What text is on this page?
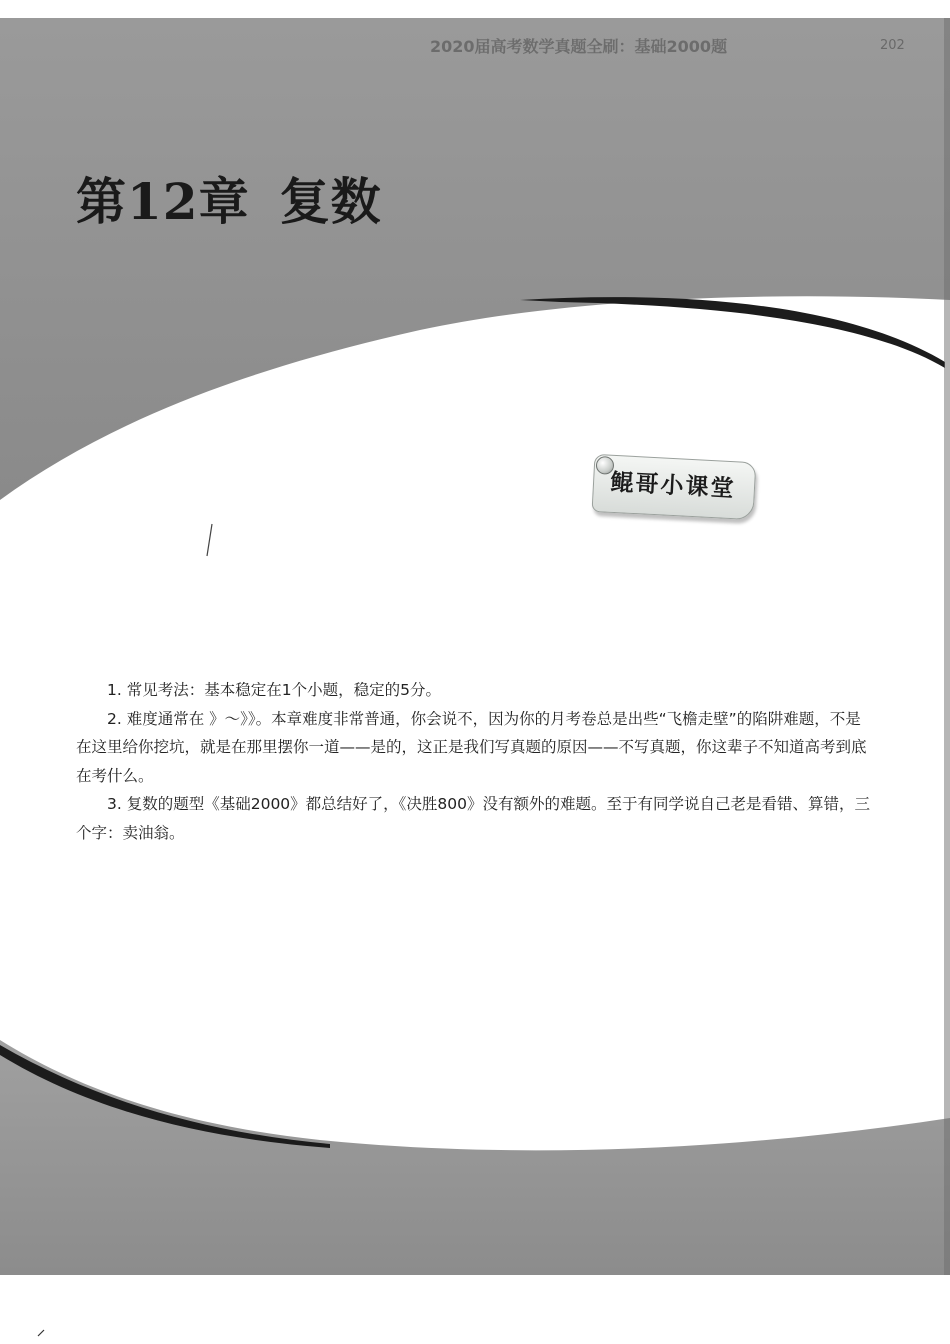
2020届高考数学真题全刷：基础2000题	202
第12章 复数
鲲哥小课堂

1. 常见考法：基本稳定在1个小题，稳定的5分。

2. 难度通常在 》～》》。本章难度非常普通，你会说不，因为你的月考卷总是出些“飞檐走壁”的陷阱难题，不是在这里给你挖坑，就是在那里摆你一道——是的，这正是我们写真题的原因——不写真题，你这辈子不知道高考到底在考什么。

3. 复数的题型《基础2000》都总结好了，《决胜800》没有额外的难题。至于有同学说自己老是看错、算错，三个字：卖油翁。
